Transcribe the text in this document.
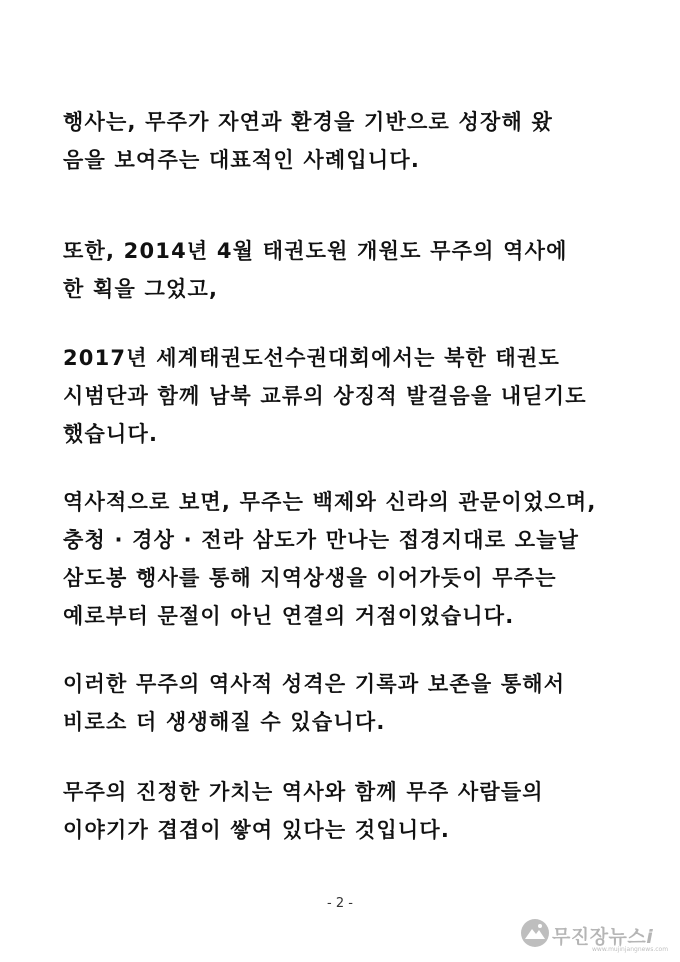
행사는, 무주가 자연과 환경을 기반으로 성장해 왔
음을 보여주는 대표적인 사례입니다.
또한, 2014년 4월 태권도원 개원도 무주의 역사에
한 획을 그었고,
2017년 세계태권도선수권대회에서는 북한 태권도
시범단과 함께 남북 교류의 상징적 발걸음을 내딛기도
했습니다.
역사적으로 보면, 무주는 백제와 신라의 관문이었으며,
충청 · 경상 · 전라 삼도가 만나는 접경지대로 오늘날
삼도봉 행사를 통해 지역상생을 이어가듯이 무주는
예로부터 문절이 아닌 연결의 거점이었습니다.
이러한 무주의 역사적 성격은 기록과 보존을 통해서
비로소 더 생생해질 수 있습니다.
무주의 진정한 가치는 역사와 함께 무주 사람들의
이야기가 겹겹이 쌓여 있다는 것입니다.
- 2 -
무진장뉴스i
www.mujinjangnews.com
